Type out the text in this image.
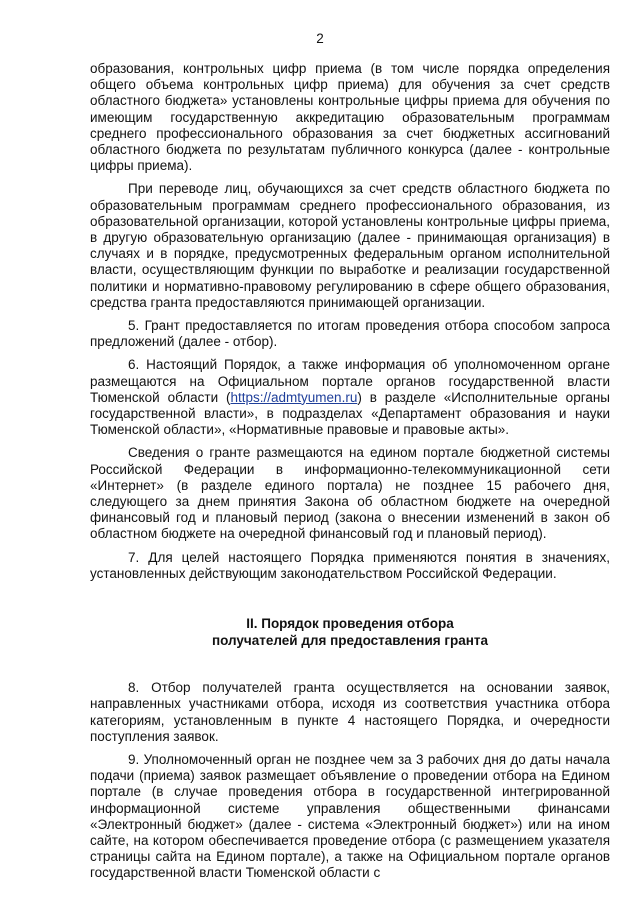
2

образования, контрольных цифр приема (в том числе порядка определения общего объема контрольных цифр приема) для обучения за счет средств областного бюджета» установлены контрольные цифры приема для обучения по имеющим государственную аккредитацию образовательным программам среднего профессионального образования за счет бюджетных ассигнований областного бюджета по результатам публичного конкурса (далее - контрольные цифры приема).

При переводе лиц, обучающихся за счет средств областного бюджета по образовательным программам среднего профессионального образования, из образовательной организации, которой установлены контрольные цифры приема, в другую образовательную организацию (далее - принимающая организация) в случаях и в порядке, предусмотренных федеральным органом исполнительной власти, осуществляющим функции по выработке и реализации государственной политики и нормативно-правовому регулированию в сфере общего образования, средства гранта предоставляются принимающей организации.

5. Грант предоставляется по итогам проведения отбора способом запроса предложений (далее - отбор).

6. Настоящий Порядок, а также информация об уполномоченном органе размещаются на Официальном портале органов государственной власти Тюменской области (https://admtyumen.ru) в разделе «Исполнительные органы государственной власти», в подразделах «Департамент образования и науки Тюменской области», «Нормативные правовые и правовые акты».

Сведения о гранте размещаются на едином портале бюджетной системы Российской Федерации в информационно-телекоммуникационной сети «Интернет» (в разделе единого портала) не позднее 15 рабочего дня, следующего за днем принятия Закона об областном бюджете на очередной финансовый год и плановый период (закона о внесении изменений в закон об областном бюджете на очередной финансовый год и плановый период).

7. Для целей настоящего Порядка применяются понятия в значениях, установленных действующим законодательством Российской Федерации.

II. Порядок проведения отбора
получателей для предоставления гранта

8. Отбор получателей гранта осуществляется на основании заявок, направленных участниками отбора, исходя из соответствия участника отбора категориям, установленным в пункте 4 настоящего Порядка, и очередности поступления заявок.

9. Уполномоченный орган не позднее чем за 3 рабочих дня до даты начала подачи (приема) заявок размещает объявление о проведении отбора на Едином портале (в случае проведения отбора в государственной интегрированной информационной системе управления общественными финансами «Электронный бюджет» (далее - система «Электронный бюджет») или на ином сайте, на котором обеспечивается проведение отбора (с размещением указателя страницы сайта на Едином портале), а также на Официальном портале органов государственной власти Тюменской области с
